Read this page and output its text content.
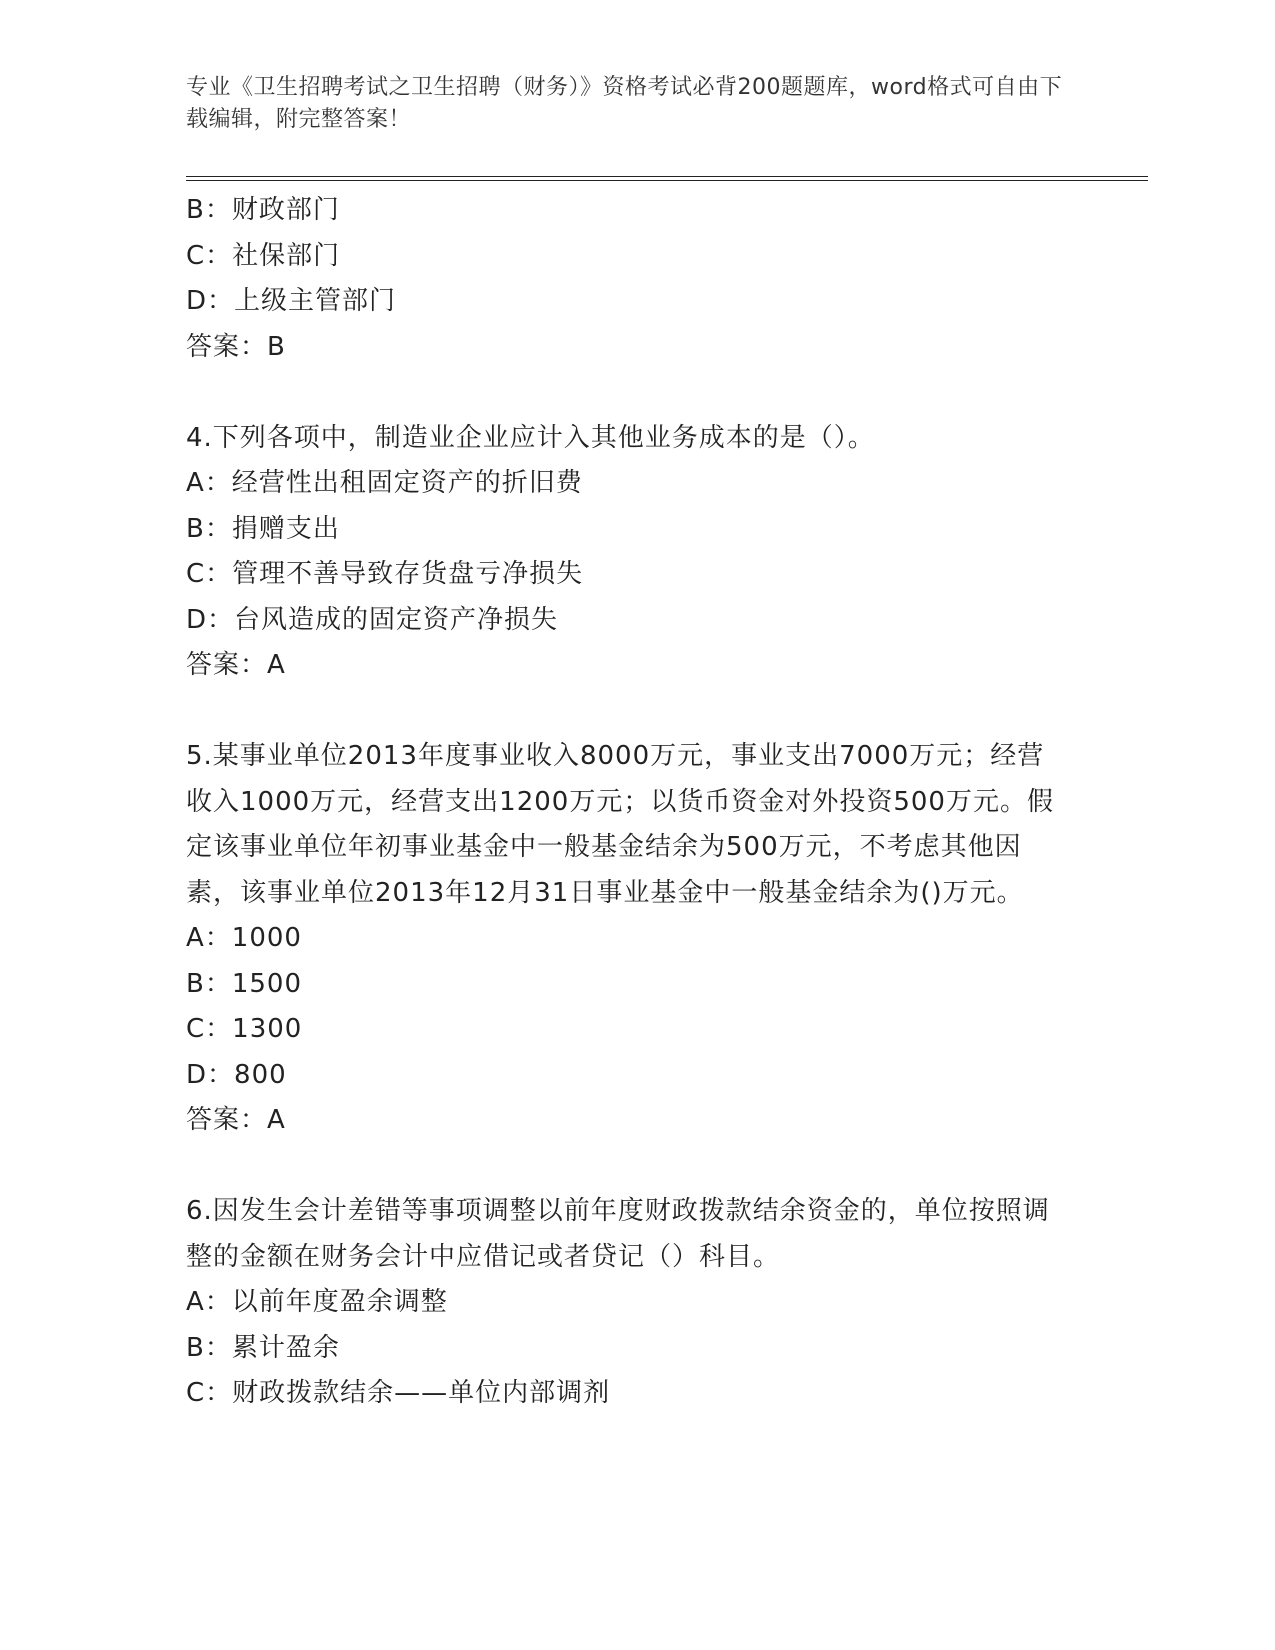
专业《卫生招聘考试之卫生招聘（财务）》资格考试必背200题题库，word格式可自由下载编辑，附完整答案！
B：财政部门
C：社保部门
D：上级主管部门
答案：B
4.下列各项中，制造业企业应计入其他业务成本的是（）。
A：经营性出租固定资产的折旧费
B：捐赠支出
C：管理不善导致存货盘亏净损失
D：台风造成的固定资产净损失
答案：A
5.某事业单位2013年度事业收入8000万元，事业支出7000万元；经营收入1000万元，经营支出1200万元；以货币资金对外投资500万元。假定该事业单位年初事业基金中一般基金结余为500万元，不考虑其他因素，该事业单位2013年12月31日事业基金中一般基金结余为()万元。
A：1000
B：1500
C：1300
D：800
答案：A
6.因发生会计差错等事项调整以前年度财政拨款结余资金的，单位按照调整的金额在财务会计中应借记或者贷记（）科目。
A：以前年度盈余调整
B：累计盈余
C：财政拨款结余——单位内部调剂
